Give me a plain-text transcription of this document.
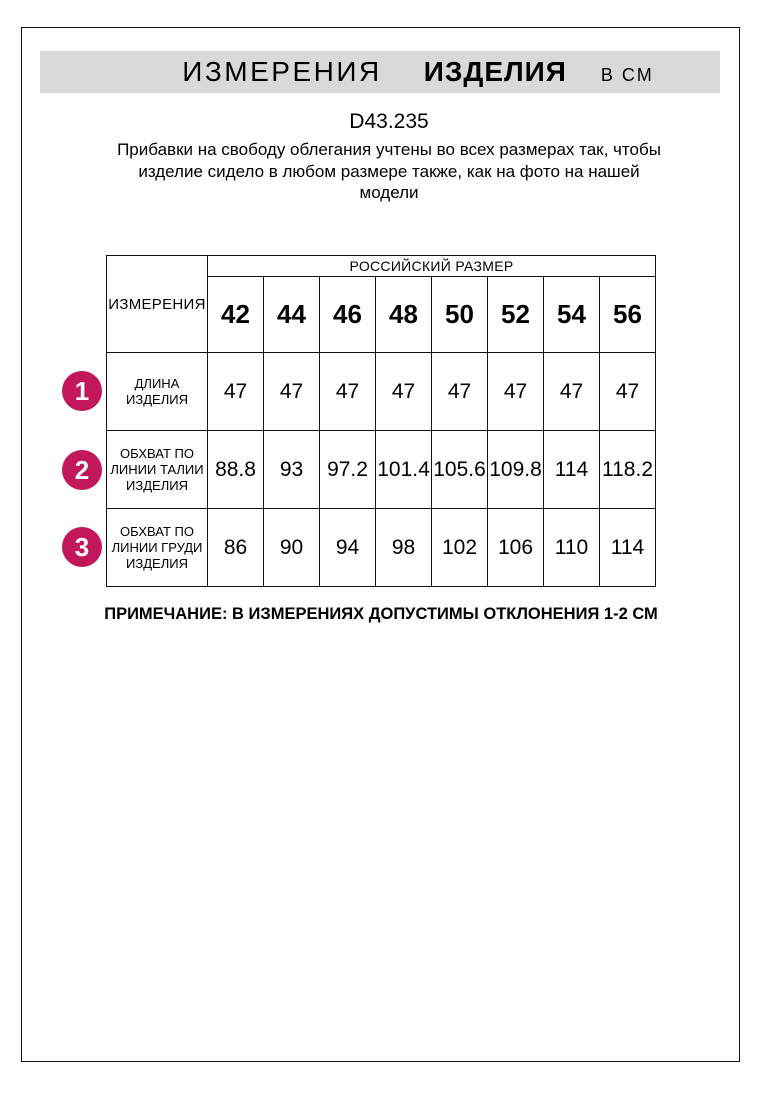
ИЗМЕРЕНИЯ ИЗДЕЛИЯ В СМ
D43.235
Прибавки на свободу облегания учтены во всех размерах так, чтобы
изделие сидело в любом размере также, как на фото на нашей
модели
ИЗМЕРЕНИЯ	РОССИЙСКИЙ РАЗМЕР							
	42	44	46	48	50	52	54	56
ДЛИНА ИЗДЕЛИЯ	47	47	47	47	47	47	47	47
ОБХВАТ ПО ЛИНИИ ТАЛИИ ИЗДЕЛИЯ	88.8	93	97.2	101.4	105.6	109.8	114	118.2
ОБХВАТ ПО ЛИНИИ ГРУДИ ИЗДЕЛИЯ	86	90	94	98	102	106	110	114
1
2
3
ПРИМЕЧАНИЕ: В ИЗМЕРЕНИЯХ ДОПУСТИМЫ ОТКЛОНЕНИЯ 1-2 СМ
